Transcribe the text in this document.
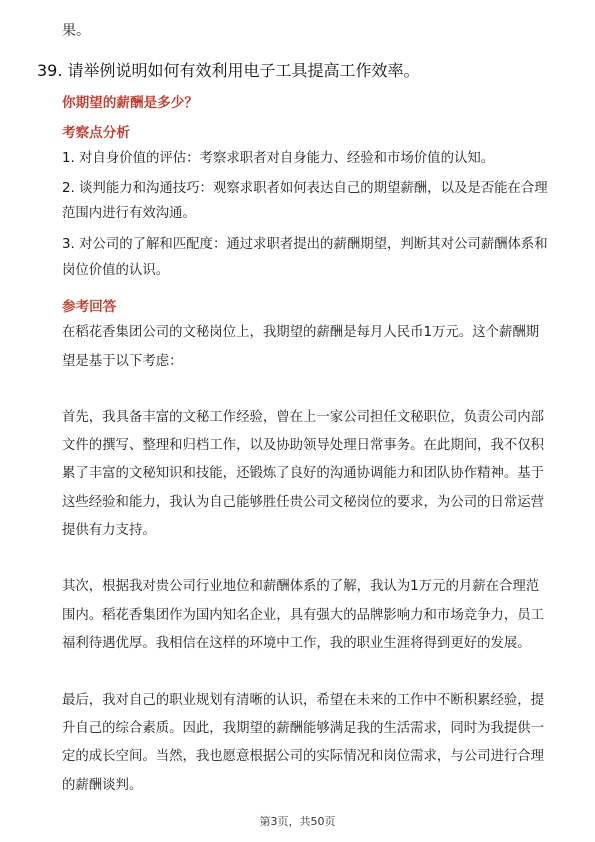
果。
39. 请举例说明如何有效利用电子工具提高工作效率。
你期望的薪酬是多少？
考察点分析
1. 对自身价值的评估：考察求职者对自身能力、经验和市场价值的认知。
2. 谈判能力和沟通技巧：观察求职者如何表达自己的期望薪酬，以及是否能在合理
范围内进行有效沟通。
3. 对公司的了解和匹配度：通过求职者提出的薪酬期望，判断其对公司薪酬体系和
岗位价值的认识。
参考回答
在稻花香集团公司的文秘岗位上，我期望的薪酬是每月人民币1万元。这个薪酬期
望是基于以下考虑：
首先，我具备丰富的文秘工作经验，曾在上一家公司担任文秘职位，负责公司内部
文件的撰写、整理和归档工作，以及协助领导处理日常事务。在此期间，我不仅积
累了丰富的文秘知识和技能，还锻炼了良好的沟通协调能力和团队协作精神。基于
这些经验和能力，我认为自己能够胜任贵公司文秘岗位的要求，为公司的日常运营
提供有力支持。
其次，根据我对贵公司行业地位和薪酬体系的了解，我认为1万元的月薪在合理范
围内。稻花香集团作为国内知名企业，具有强大的品牌影响力和市场竞争力，员工
福利待遇优厚。我相信在这样的环境中工作，我的职业生涯将得到更好的发展。
最后，我对自己的职业规划有清晰的认识，希望在未来的工作中不断积累经验，提
升自己的综合素质。因此，我期望的薪酬能够满足我的生活需求，同时为我提供一
定的成长空间。当然，我也愿意根据公司的实际情况和岗位需求，与公司进行合理
的薪酬谈判。
第3页，共50页
